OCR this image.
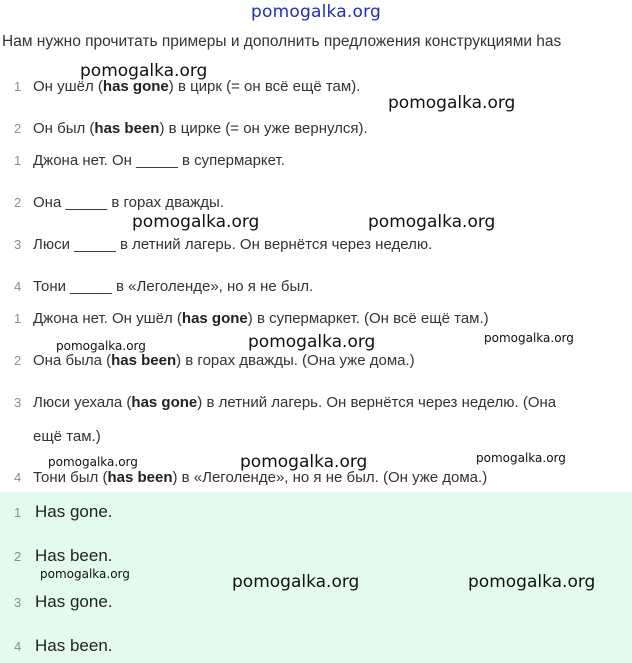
pomogalka.org
Нам нужно прочитать примеры и дополнить предложения конструкциями has
1 Он ушёл (has gone) в цирк (= он всё ещё там).
2 Он был (has been) в цирке (= он уже вернулся).
1 Джона нет. Он _____ в супермаркет.
2 Она _____ в горах дважды.
3 Люси _____ в летний лагерь. Он вернётся через неделю.
4 Тони _____ в «Леголенде», но я не был.
1 Джона нет. Он ушёл (has gone) в супермаркет. (Он всё ещё там.)
2 Она была (has been) в горах дважды. (Она уже дома.)
3 Люси уехала (has gone) в летний лагерь. Он вернётся через неделю. (Она
ещё там.)
4 Тони был (has been) в «Леголенде», но я не был. (Он уже дома.)
1 Has gone.
2 Has been.
3 Has gone.
4 Has been.
pomogalka.org
pomogalka.org
pomogalka.org	pomogalka.org
pomogalka.org
pomogalka.org
pomogalka.org
pomogalka.org
pomogalka.org	pomogalka.org
pomogalka.org	pomogalka.org	pomogalka.org
